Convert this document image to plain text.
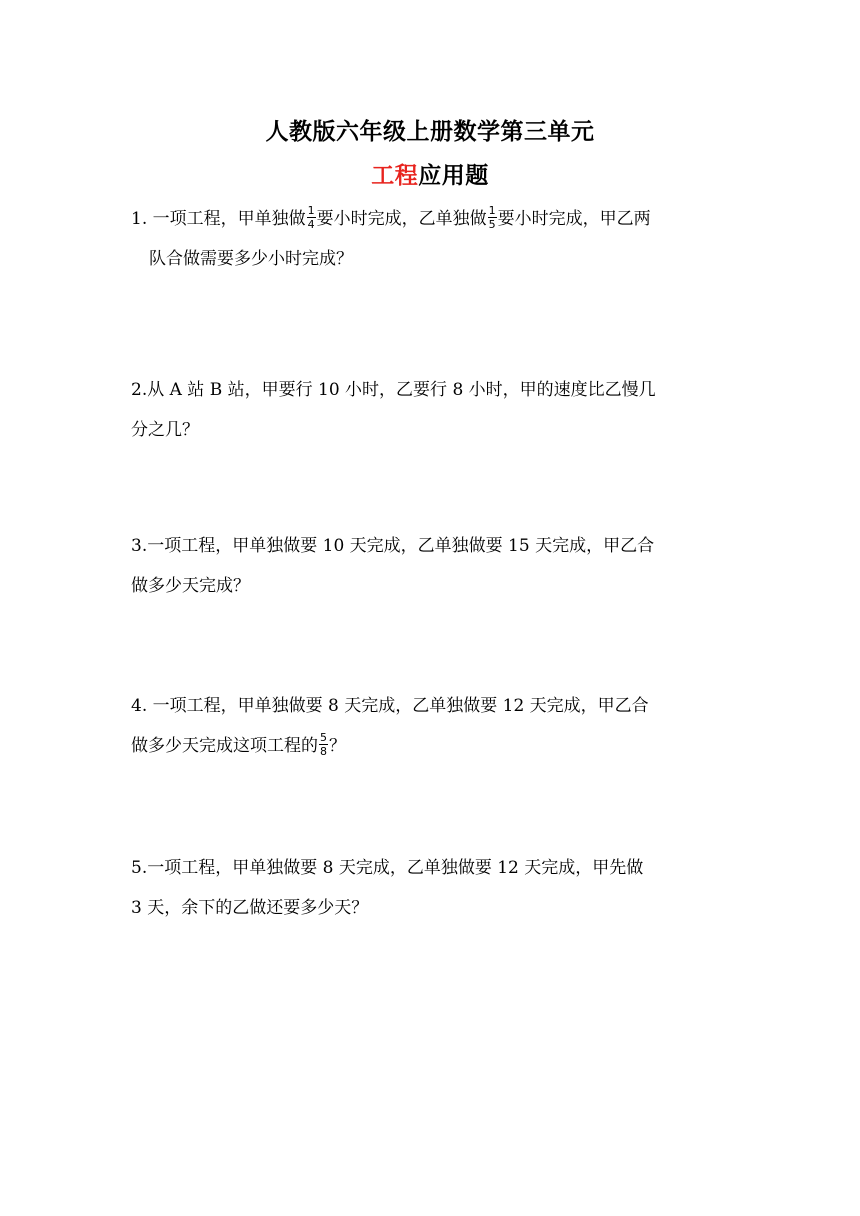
人教版六年级上册数学第三单元
工程应用题
1. 一项工程，甲单独做 $\frac{1}{4}$ 要小时完成，乙单独做 $\frac{1}{5}$ 要小时完成，甲乙两
队合做需要多少小时完成？
2.从 A 站 B 站，甲要行 10 小时，乙要行 8 小时，甲的速度比乙慢几
分之几？
3.一项工程，甲单独做要 10 天完成，乙单独做要 15 天完成，甲乙合
做多少天完成？
4. 一项工程，甲单独做要 8 天完成，乙单独做要 12 天完成，甲乙合
做多少天完成这项工程的 $\frac{5}{8}$ ？
5.一项工程，甲单独做要 8 天完成，乙单独做要 12 天完成，甲先做
3 天，余下的乙做还要多少天？
